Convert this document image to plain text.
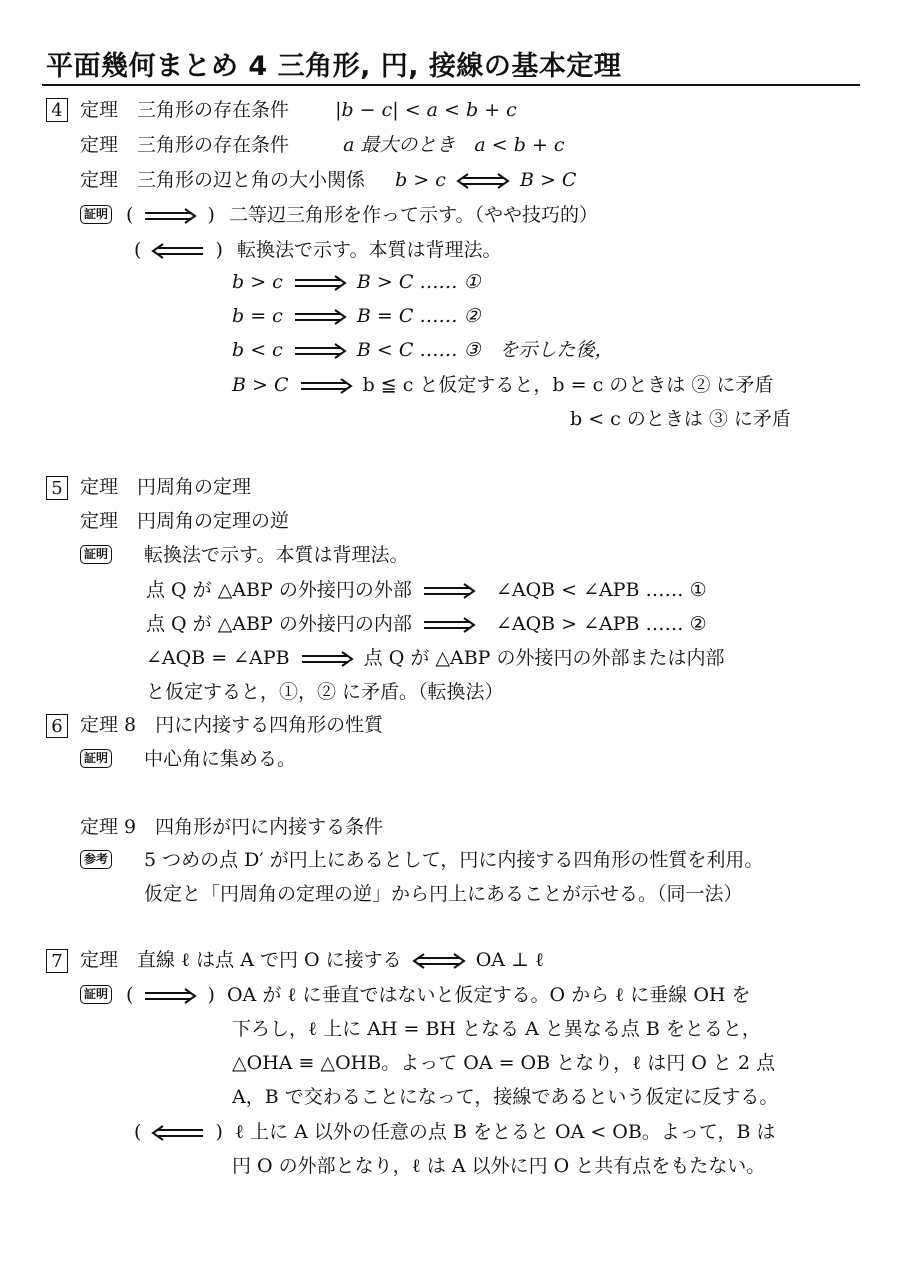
平面幾何まとめ 4 三角形, 円, 接線の基本定理
4 定理　三角形の存在条件 |b − c| < a < b + c
定理　三角形の存在条件	a 最大のとき　a < b + c
定理　三角形の辺と角の大小関係 b > c	B > C
証明 (	) 二等辺三角形を作って示す。（やや技巧的）
(	) 転換法で示す。本質は背理法。
b > c	B > C …… ①
b = c	B = C …… ②
b < c	B < C …… ③　を示した後，
B > C	b ≦ c と仮定すると，b = c のときは ② に矛盾
b < c のときは ③ に矛盾
5 定理　円周角の定理
定理　円周角の定理の逆
証明 転換法で示す。本質は背理法。
点 Q が △ABP の外接円の外部	∠AQB < ∠APB …… ①
点 Q が △ABP の外接円の内部	∠AQB > ∠APB …… ②
∠AQB = ∠APB	点 Q が △ABP の外接円の外部または内部
と仮定すると，①，② に矛盾。（転換法）
6 定理 8　円に内接する四角形の性質
証明 中心角に集める。
定理 9　四角形が円に内接する条件
参考 5 つめの点 D′ が円上にあるとして，円に内接する四角形の性質を利用。
仮定と「円周角の定理の逆」から円上にあることが示せる。（同一法）
7 定理　直線 ℓ は点 A で円 O に接する	OA ⊥ ℓ
証明 (	) OA が ℓ に垂直ではないと仮定する。O から ℓ に垂線 OH を
下ろし，ℓ 上に AH = BH となる A と異なる点 B をとると，
△OHA ≡ △OHB。よって OA = OB となり，ℓ は円 O と 2 点
A，B で交わることになって，接線であるという仮定に反する。
(	) ℓ 上に A 以外の任意の点 B をとると OA < OB。よって，B は
円 O の外部となり，ℓ は A 以外に円 O と共有点をもたない。
